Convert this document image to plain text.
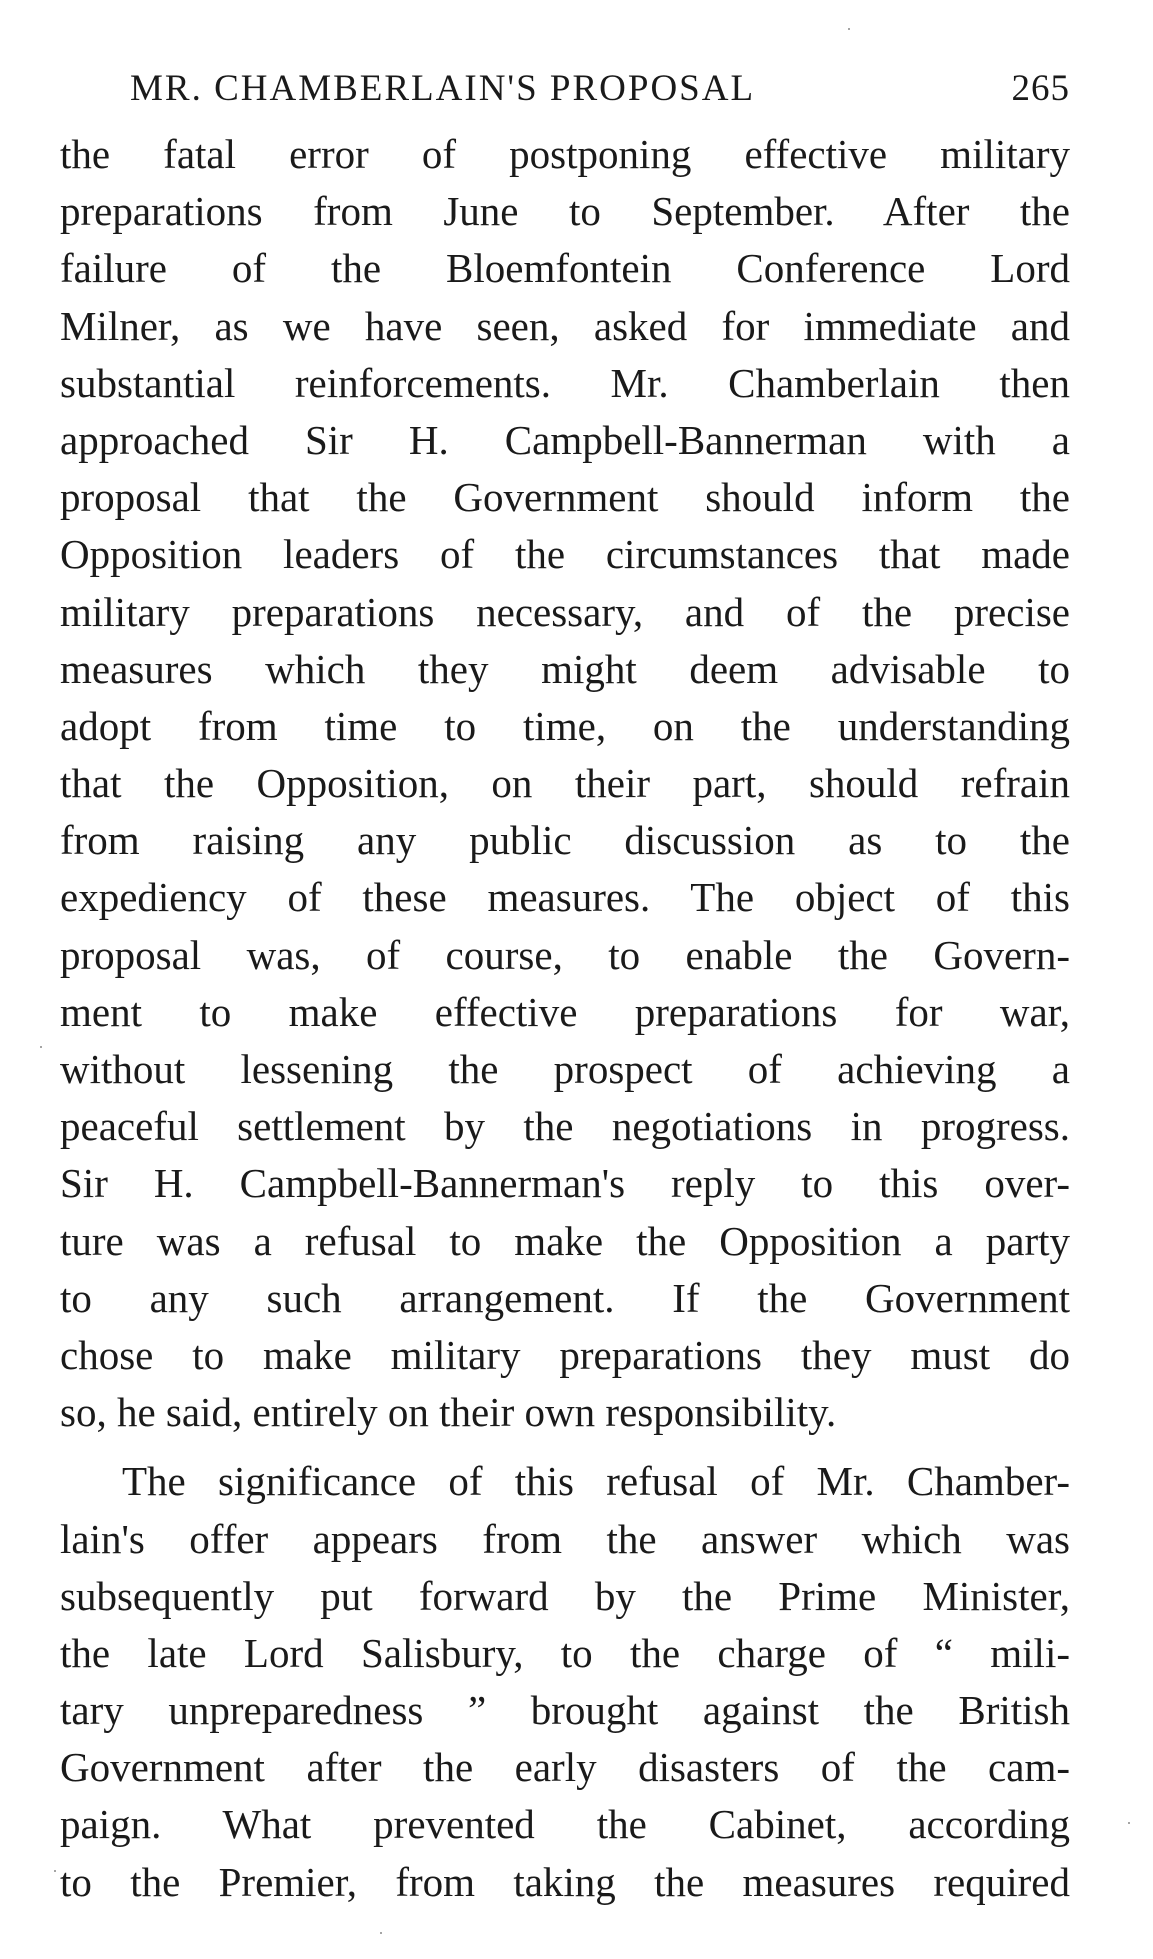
MR. CHAMBERLAIN'S PROPOSAL	265
the fatal error of postponing effective military
preparations from June to September. After the
failure of the Bloemfontein Conference Lord
Milner, as we have seen, asked for immediate and
substantial reinforcements. Mr. Chamberlain then
approached Sir H. Campbell-Bannerman with a
proposal that the Government should inform the
Opposition leaders of the circumstances that made
military preparations necessary, and of the precise
measures which they might deem advisable to
adopt from time to time, on the understanding
that the Opposition, on their part, should refrain
from raising any public discussion as to the
expediency of these measures. The object of this
proposal was, of course, to enable the Govern-
ment to make effective preparations for war,
without lessening the prospect of achieving a
peaceful settlement by the negotiations in progress.
Sir H. Campbell-Bannerman's reply to this over-
ture was a refusal to make the Opposition a party
to any such arrangement. If the Government
chose to make military preparations they must do
so, he said, entirely on their own responsibility.
The significance of this refusal of Mr. Chamber-
lain's offer appears from the answer which was
subsequently put forward by the Prime Minister,
the late Lord Salisbury, to the charge of “ mili-
tary unpreparedness ” brought against the British
Government after the early disasters of the cam-
paign. What prevented the Cabinet, according
to the Premier, from taking the measures required
